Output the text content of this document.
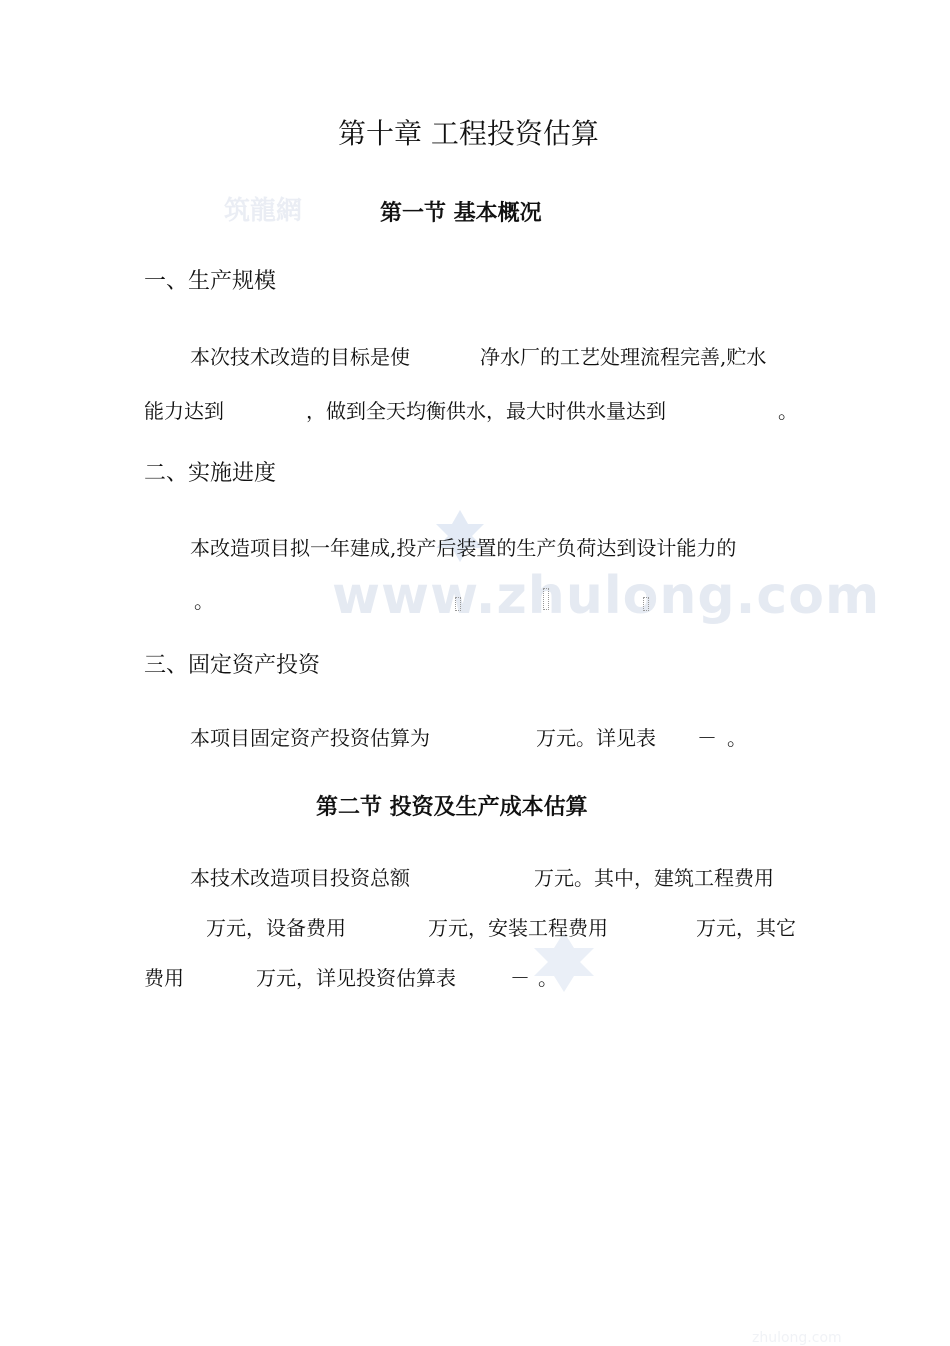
筑龍網
www.zhulong.com
zhulong.com
第十章 工程投资估算
第一节 基本概况
一、生产规模
本次技术改造的目标是使	净水厂的工艺处理流程完善,贮水
能力达到	，做到全天均衡供水，最大时供水量达到	。
二、实施进度
本改造项目拟一年建成,投产后装置的生产负荷达到设计能力的
。
三、固定资产投资
本项目固定资产投资估算为	万元。详见表 － 。
第二节 投资及生产成本估算
本技术改造项目投资总额	万元。其中，建筑工程费用
万元，设备费用	万元，安装工程费用	万元，其它
费用	万元，详见投资估算表	－ 。
